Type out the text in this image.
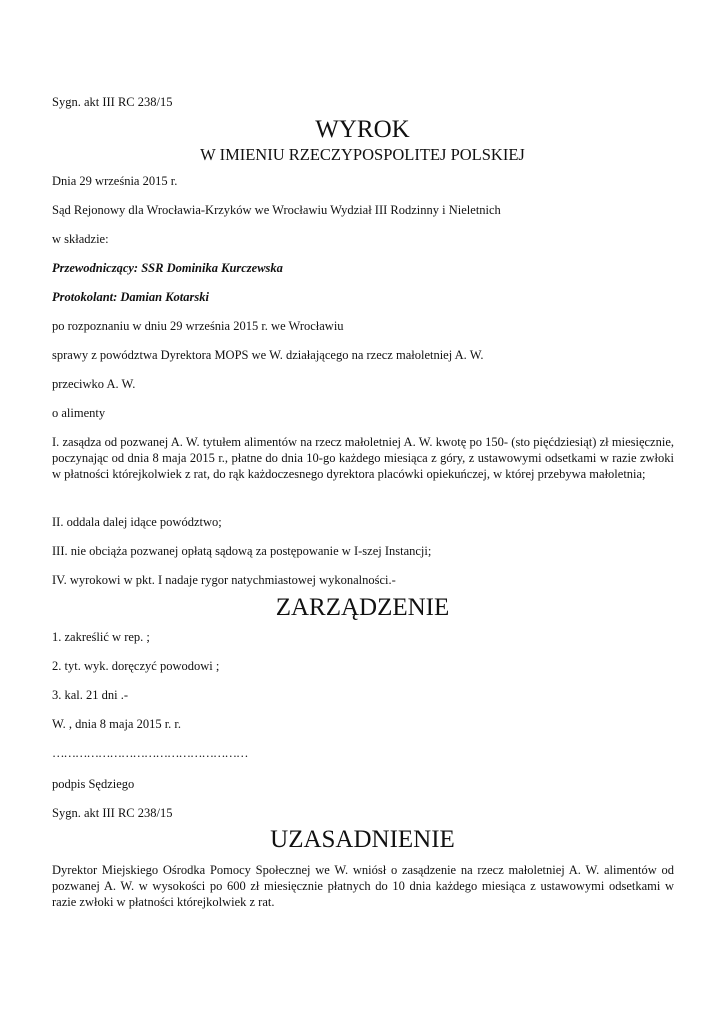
Sygn. akt III RC 238/15
WYROK
W IMIENIU RZECZYPOSPOLITEJ POLSKIEJ
Dnia 29 września 2015 r.
Sąd Rejonowy dla Wrocławia-Krzyków we Wrocławiu Wydział III Rodzinny i Nieletnich
w składzie:
Przewodniczący: SSR Dominika Kurczewska
Protokolant: Damian Kotarski
po rozpoznaniu w dniu 29 września 2015 r. we Wrocławiu
sprawy z powództwa Dyrektora MOPS we W. działającego na rzecz małoletniej A. W.
przeciwko A. W.
o alimenty
I. zasądza od pozwanej A. W. tytułem alimentów na rzecz małoletniej A. W. kwotę po 150- (sto pięćdziesiąt) zł miesięcznie, poczynając od dnia 8 maja 2015 r., płatne do dnia 10-go każdego miesiąca z góry, z ustawowymi odsetkami w razie zwłoki w płatności którejkolwiek z rat, do rąk każdoczesnego dyrektora placówki opiekuńczej, w której przebywa małoletnia;
II. oddala dalej idące powództwo;
III. nie obciąża pozwanej opłatą sądową za postępowanie w I-szej Instancji;
IV. wyrokowi w pkt. I nadaje rygor natychmiastowej wykonalności.-
ZARZĄDZENIE
1. zakreślić w rep. ;
2. tyt. wyk. doręczyć powodowi ;
3. kal. 21 dni .-
W. , dnia 8 maja 2015 r. r.
……………………………………………
podpis Sędziego
Sygn. akt III RC 238/15
UZASADNIENIE
Dyrektor Miejskiego Ośrodka Pomocy Społecznej we W. wniósł o zasądzenie na rzecz małoletniej A. W. alimentów od pozwanej A. W. w wysokości po 600 zł miesięcznie płatnych do 10 dnia każdego miesiąca z ustawowymi odsetkami w razie zwłoki w płatności którejkolwiek z rat.
